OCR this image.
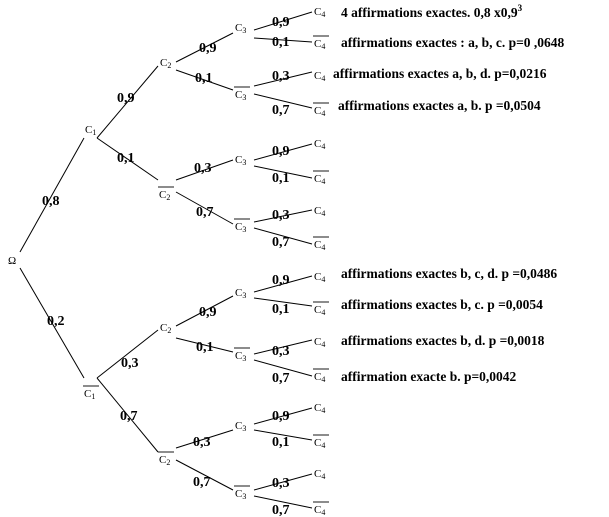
Ω
C1
C1
C2
C2
C2
C2
C3
C3
C3
C3
C3
C3
C3
C3
C4
C4
C4
C4
C4
C4
C4
C4
C4
C4
C4
C4
C4
C4
C4
C4
0,8
0,2
0,9
0,1
0,3
0,7
0,9
0,1
0,3
0,7
0,9
0,1
0,3
0,7
0,9
0,1
0,3
0,7
0,9
0,1
0,3
0,7
0,9
0,1
0,3
0,7
0,9
0,1
0,3
0,7
4 affirmations exactes. 0,8 $x0,9^3$
affirmations exactes : a, b, c. p=0 ,0648
affirmations exactes a, b, d. p=0,0216
affirmations exactes a, b. p =0,0504
affirmations exactes b, c, d. p =0,0486
affirmations exactes b, c. p =0,0054
affirmations exactes b, d. p =0,0018
affirmation exacte b. p=0,0042
